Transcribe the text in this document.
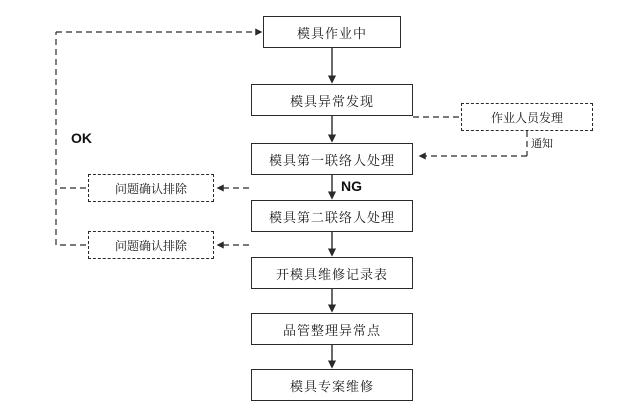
模具作业中
模具异常发现
模具第一联络人处理
模具第二联络人处理
开模具维修记录表
品管整理异常点
模具专案维修
作业人员发理
问题确认排除
问题确认排除
OK
NG
通知
